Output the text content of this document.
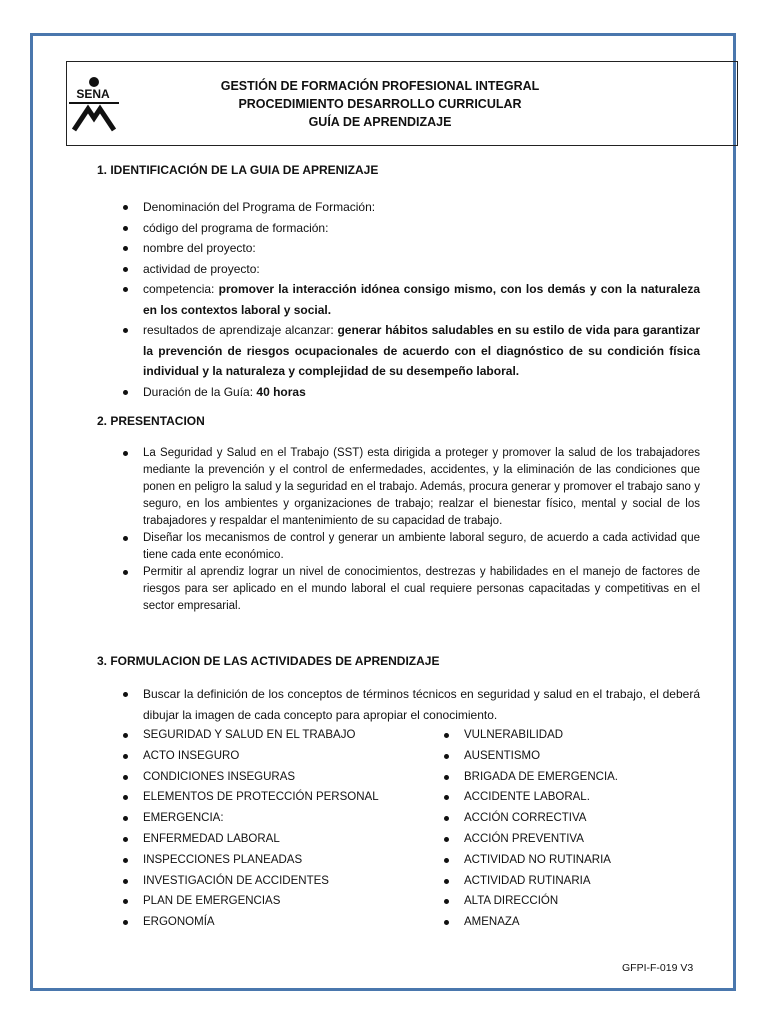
SENA
GESTIÓN DE FORMACIÓN PROFESIONAL INTEGRAL
PROCEDIMIENTO DESARROLLO CURRICULAR
GUÍA DE APRENDIZAJE
1. IDENTIFICACIÓN DE LA GUIA DE APRENIZAJE
Denominación del Programa de Formación:
código del programa de formación:
nombre del proyecto:
actividad de proyecto:
competencia: promover la interacción idónea consigo mismo, con los demás y con la naturaleza en los contextos laboral y social.
resultados de aprendizaje alcanzar: generar hábitos saludables en su estilo de vida para garantizar la prevención de riesgos ocupacionales de acuerdo con el diagnóstico de su condición física individual y la naturaleza y complejidad de su desempeño laboral.
Duración de la Guía: 40 horas
2. PRESENTACION
La Seguridad y Salud en el Trabajo (SST) esta dirigida a proteger y promover la salud de los trabajadores mediante la prevención y el control de enfermedades, accidentes, y la eliminación de las condiciones que ponen en peligro la salud y la seguridad en el trabajo. Además, procura generar y promover el trabajo sano y seguro, en los ambientes y organizaciones de trabajo; realzar el bienestar físico, mental y social de los trabajadores y respaldar el mantenimiento de su capacidad de trabajo.
Diseñar los mecanismos de control y generar un ambiente laboral seguro, de acuerdo a cada actividad que tiene cada ente económico.
Permitir al aprendiz lograr un nivel de conocimientos, destrezas y habilidades en el manejo de factores de riesgos para ser aplicado en el mundo laboral el cual requiere personas capacitadas y competitivas en el sector empresarial.
3. FORMULACION DE LAS ACTIVIDADES DE APRENDIZAJE
Buscar la definición de los conceptos de términos técnicos en seguridad y salud en el trabajo, el deberá dibujar la imagen de cada concepto para apropiar el conocimiento.
SEGURIDAD Y SALUD EN EL TRABAJO
ACTO INSEGURO
CONDICIONES INSEGURAS
ELEMENTOS DE PROTECCIÓN PERSONAL
EMERGENCIA:
ENFERMEDAD LABORAL
INSPECCIONES PLANEADAS
INVESTIGACIÓN DE ACCIDENTES
PLAN DE EMERGENCIAS
ERGONOMÍA
VULNERABILIDAD
AUSENTISMO
BRIGADA DE EMERGENCIA.
ACCIDENTE LABORAL.
ACCIÓN CORRECTIVA
ACCIÓN PREVENTIVA
ACTIVIDAD NO RUTINARIA
ACTIVIDAD RUTINARIA
ALTA DIRECCIÓN
AMENAZA
GFPI-F-019 V3
